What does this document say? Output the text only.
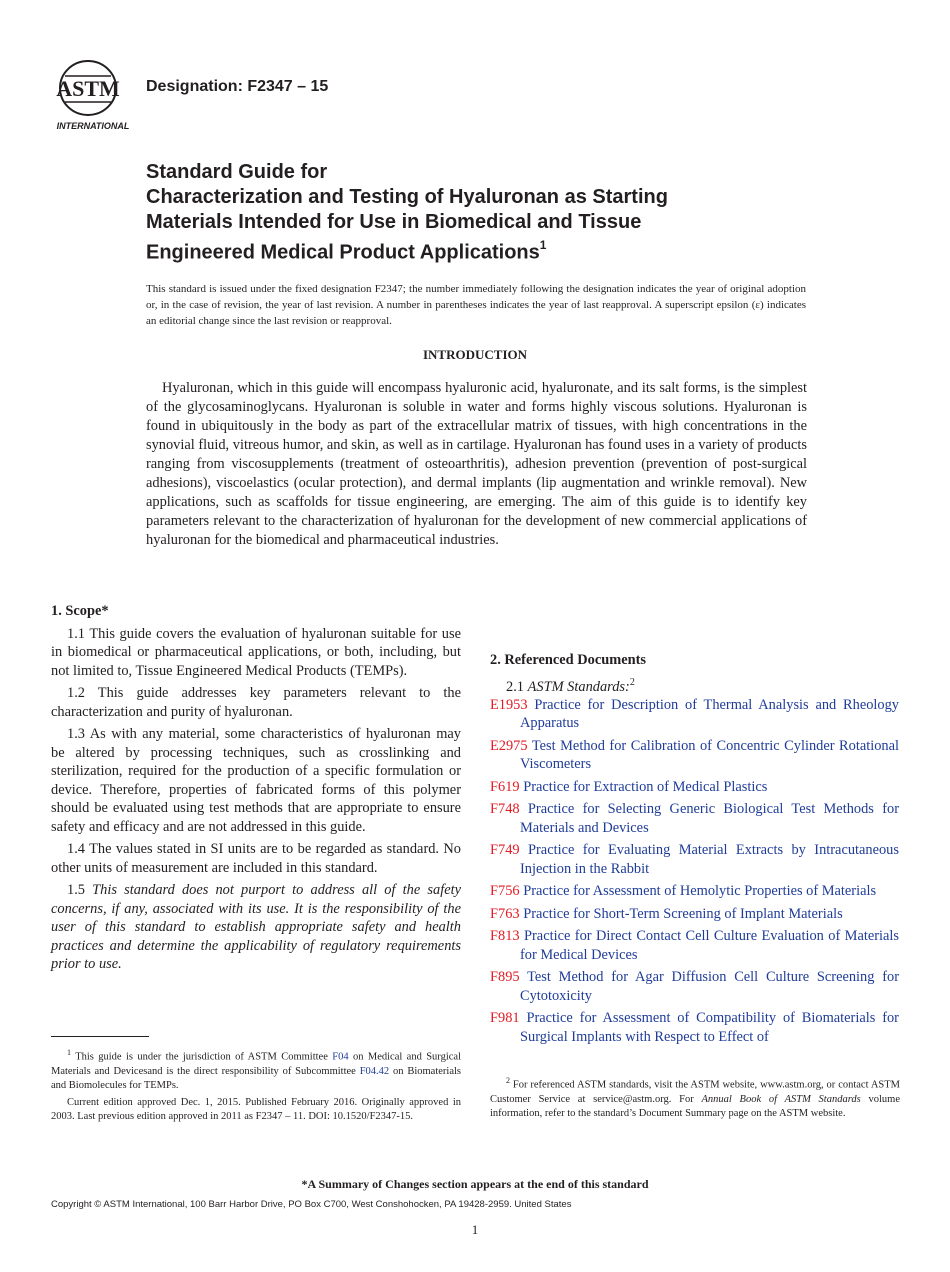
ASTM
INTERNATIONAL
Designation: F2347 – 15
Standard Guide for
Characterization and Testing of Hyaluronan as Starting
Materials Intended for Use in Biomedical and Tissue
Engineered Medical Product Applications$^1$
This standard is issued under the fixed designation F2347; the number immediately following the designation indicates the year of original adoption or, in the case of revision, the year of last revision. A number in parentheses indicates the year of last reapproval. A superscript epsilon (ε) indicates an editorial change since the last revision or reapproval.
INTRODUCTION
Hyaluronan, which in this guide will encompass hyaluronic acid, hyaluronate, and its salt forms, is the simplest of the glycosaminoglycans. Hyaluronan is soluble in water and forms highly viscous solutions. Hyaluronan is found in ubiquitously in the body as part of the extracellular matrix of tissues, with high concentrations in the synovial fluid, vitreous humor, and skin, as well as in cartilage. Hyaluronan has found uses in a variety of products ranging from viscosupplements (treatment of osteoarthritis), adhesion prevention (prevention of post-surgical adhesions), viscoelastics (ocular protection), and dermal implants (lip augmentation and wrinkle removal). New applications, such as scaffolds for tissue engineering, are emerging. The aim of this guide is to identify key parameters relevant to the characterization of hyaluronan for the development of new commercial applications of hyaluronan for the biomedical and pharmaceutical industries.
1. Scope*

1.1 This guide covers the evaluation of hyaluronan suitable for use in biomedical or pharmaceutical applications, or both, including, but not limited to, Tissue Engineered Medical Products (TEMPs).

1.2 This guide addresses key parameters relevant to the characterization and purity of hyaluronan.

1.3 As with any material, some characteristics of hyaluronan may be altered by processing techniques, such as crosslinking and sterilization, required for the production of a specific formulation or device. Therefore, properties of fabricated forms of this polymer should be evaluated using test methods that are appropriate to ensure safety and efficacy and are not addressed in this guide.

1.4 The values stated in SI units are to be regarded as standard. No other units of measurement are included in this standard.

1.5 This standard does not purport to address all of the safety concerns, if any, associated with its use. It is the responsibility of the user of this standard to establish appropriate safety and health practices and determine the applicability of regulatory requirements prior to use.

2. Referenced Documents

2.1 ASTM Standards:$^2$

E1953 Practice for Description of Thermal Analysis and Rheology Apparatus

E2975 Test Method for Calibration of Concentric Cylinder Rotational Viscometers

F619 Practice for Extraction of Medical Plastics

F748 Practice for Selecting Generic Biological Test Methods for Materials and Devices

F749 Practice for Evaluating Material Extracts by Intracutaneous Injection in the Rabbit

F756 Practice for Assessment of Hemolytic Properties of Materials

F763 Practice for Short-Term Screening of Implant Materials

F813 Practice for Direct Contact Cell Culture Evaluation of Materials for Medical Devices

F895 Test Method for Agar Diffusion Cell Culture Screening for Cytotoxicity

F981 Practice for Assessment of Compatibility of Biomaterials for Surgical Implants with Respect to Effect of

$^1$ This guide is under the jurisdiction of ASTM Committee F04 on Medical and Surgical Materials and Devicesand is the direct responsibility of Subcommittee F04.42 on Biomaterials and Biomolecules for TEMPs.

Current edition approved Dec. 1, 2015. Published February 2016. Originally approved in 2003. Last previous edition approved in 2011 as F2347 – 11. DOI: 10.1520/F2347-15.

$^2$ For referenced ASTM standards, visit the ASTM website, www.astm.org, or contact ASTM Customer Service at service@astm.org. For Annual Book of ASTM Standards volume information, refer to the standard’s Document Summary page on the ASTM website.

*A Summary of Changes section appears at the end of this standard
Copyright © ASTM International, 100 Barr Harbor Drive, PO Box C700, West Conshohocken, PA 19428-2959. United States
1
